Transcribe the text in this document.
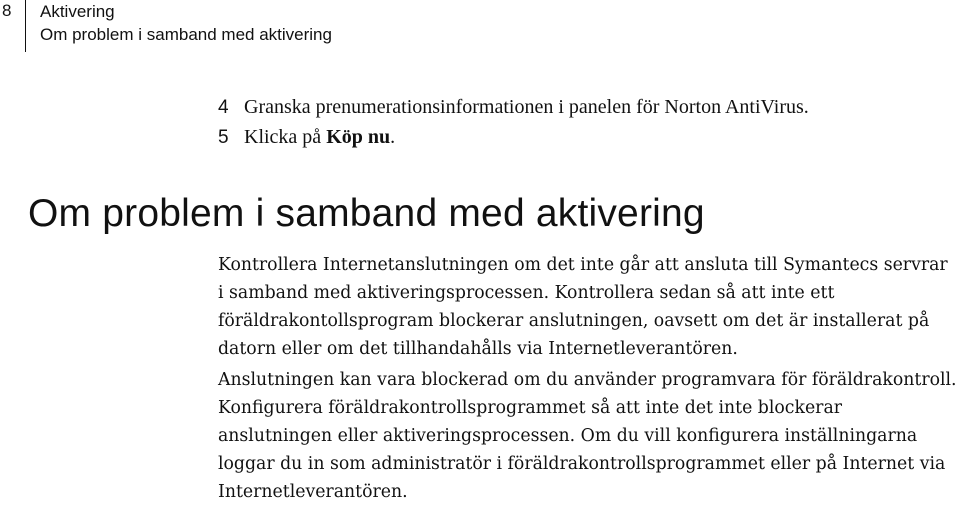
8 Aktivering
Om problem i samband med aktivering
4 Granska prenumerationsinformationen i panelen för Norton AntiVirus.
5 Klicka på Köp nu.
Om problem i samband med aktivering

Kontrollera Internetanslutningen om det inte går att ansluta till Symantecs servrar i samband med aktiveringsprocessen. Kontrollera sedan så att inte ett föräldrakontollsprogram blockerar anslutningen, oavsett om det är installerat på datorn eller om det tillhandahålls via Internetleverantören.

Anslutningen kan vara blockerad om du använder programvara för föräldrakontroll. Konfigurera föräldrakontrollsprogrammet så att inte det inte blockerar anslutningen eller aktiveringsprocessen. Om du vill konfigurera inställningarna loggar du in som administratör i föräldrakontrollsprogrammet eller på Internet via Internetleverantören.
